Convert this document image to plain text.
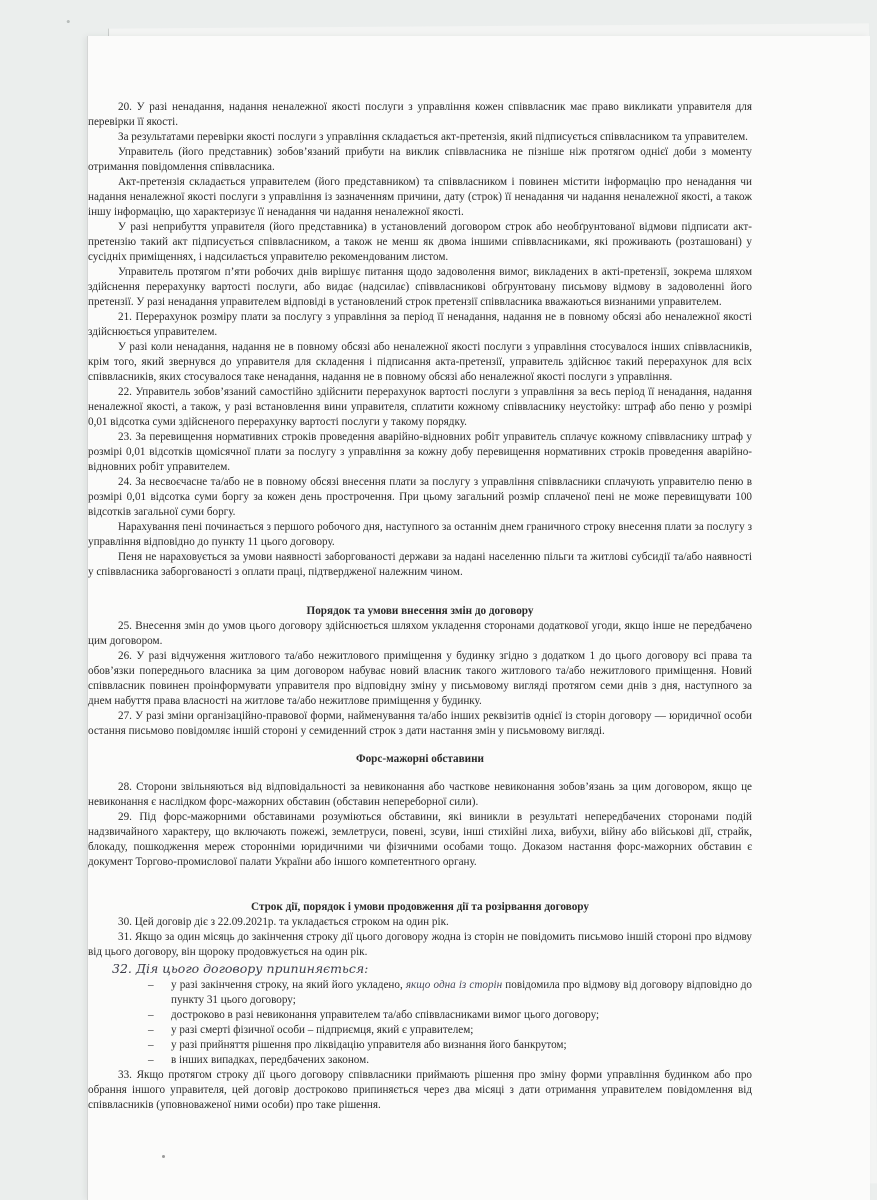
•

20. У разі ненадання, надання неналежної якості послуги з управління кожен співвласник має право викликати управителя для перевірки її якості.

За результатами перевірки якості послуги з управління складається акт-претензія, який підписується співвласником та управителем.

Управитель (його представник) зобов’язаний прибути на виклик співвласника не пізніше ніж протягом однієї доби з моменту отримання повідомлення співвласника.

Акт-претензія складається управителем (його представником) та співвласником і повинен містити інформацію про ненадання чи надання неналежної якості послуги з управління із зазначенням причини, дату (строк) її ненадання чи надання неналежної якості, а також іншу інформацію, що характеризує її ненадання чи надання неналежної якості.

У разі неприбуття управителя (його представника) в установлений договором строк або необґрунтованої відмови підписати акт-претензію такий акт підписується співвласником, а також не менш як двома іншими співвласниками, які проживають (розташовані) у сусідніх приміщеннях, і надсилається управителю рекомендованим листом.

Управитель протягом п’яти робочих днів вирішує питання щодо задоволення вимог, викладених в акті-претензії, зокрема шляхом здійснення перерахунку вартості послуги, або видає (надсилає) співвласникові обґрунтовану письмову відмову в задоволенні його претензії. У разі ненадання управителем відповіді в установлений строк претензії співвласника вважаються визнаними управителем.

21. Перерахунок розміру плати за послугу з управління за період її ненадання, надання не в повному обсязі або неналежної якості здійснюється управителем.

У разі коли ненадання, надання не в повному обсязі або неналежної якості послуги з управління стосувалося інших співвласників, крім того, який звернувся до управителя для складення і підписання акта-претензії, управитель здійснює такий перерахунок для всіх співвласників, яких стосувалося таке ненадання, надання не в повному обсязі або неналежної якості послуги з управління.

22. Управитель зобов’язаний самостійно здійснити перерахунок вартості послуги з управління за весь період її ненадання, надання неналежної якості, а також, у разі встановлення вини управителя, сплатити кожному співвласнику неустойку: штраф або пеню у розмірі 0,01 відсотка суми здійсненого перерахунку вартості послуги у такому порядку.

23. За перевищення нормативних строків проведення аварійно-відновних робіт управитель сплачує кожному співвласнику штраф у розмірі 0,01 відсотків щомісячної плати за послугу з управління за кожну добу перевищення нормативних строків проведення аварійно-відновних робіт управителем.

24. За несвоєчасне та/або не в повному обсязі внесення плати за послугу з управління співвласники сплачують управителю пеню в розмірі 0,01 відсотка суми боргу за кожен день прострочення. При цьому загальний розмір сплаченої пені не може перевищувати 100 відсотків загальної суми боргу.

Нарахування пені починається з першого робочого дня, наступного за останнім днем граничного строку внесення плати за послугу з управління відповідно до пункту 11 цього договору.

Пеня не нараховується за умови наявності заборгованості держави за надані населенню пільги та житлові субсидії та/або наявності у співвласника заборгованості з оплати праці, підтвердженої належним чином.

Порядок та умови внесення змін до договору

25. Внесення змін до умов цього договору здійснюється шляхом укладення сторонами додаткової угоди, якщо інше не передбачено цим договором.

26. У разі відчуження житлового та/або нежитлового приміщення у будинку згідно з додатком 1 до цього договору всі права та обов’язки попереднього власника за цим договором набуває новий власник такого житлового та/або нежитлового приміщення. Новий співвласник повинен проінформувати управителя про відповідну зміну у письмовому вигляді протягом семи днів з дня, наступного за днем набуття права власності на житлове та/або нежитлове приміщення у будинку.

27. У разі зміни організаційно-правової форми, найменування та/або інших реквізитів однієї із сторін договору — юридичної особи остання письмово повідомляє іншій стороні у семиденний строк з дати настання змін у письмовому вигляді.

Форс-мажорні обставини

28. Сторони звільняються від відповідальності за невиконання або часткове невиконання зобов’язань за цим договором, якщо це невиконання є наслідком форс-мажорних обставин (обставин непереборної сили).

29. Під форс-мажорними обставинами розуміються обставини, які виникли в результаті непередбачених сторонами подій надзвичайного характеру, що включають пожежі, землетруси, повені, зсуви, інші стихійні лиха, вибухи, війну або військові дії, страйк, блокаду, пошкодження мереж сторонніми юридичними чи фізичними особами тощо. Доказом настання форс-мажорних обставин є документ Торгово-промислової палати України або іншого компетентного органу.

Строк дії, порядок і умови продовження дії та розірвання договору

30. Цей договір діє з 22.09.2021р. та укладається строком на один рік.

31. Якщо за один місяць до закінчення строку дії цього договору жодна із сторін не повідомить письмово іншій стороні про відмову від цього договору, він щороку продовжується на один рік.

32. Дія цього договору припиняється:

– у разі закінчення строку, на який його укладено, якщо одна із сторін повідомила про відмову від договору відповідно до пункту 31 цього договору;
– достроково в разі невиконання управителем та/або співвласниками вимог цього договору;
– у разі смерті фізичної особи – підприємця, який є управителем;
– у разі прийняття рішення про ліквідацію управителя або визнання його банкрутом;
– в інших випадках, передбачених законом.

33. Якщо протягом строку дії цього договору співвласники приймають рішення про зміну форми управління будинком або про обрання іншого управителя, цей договір достроково припиняється через два місяці з дати отримання управителем повідомлення від співвласників (уповноваженої ними особи) про таке рішення.
